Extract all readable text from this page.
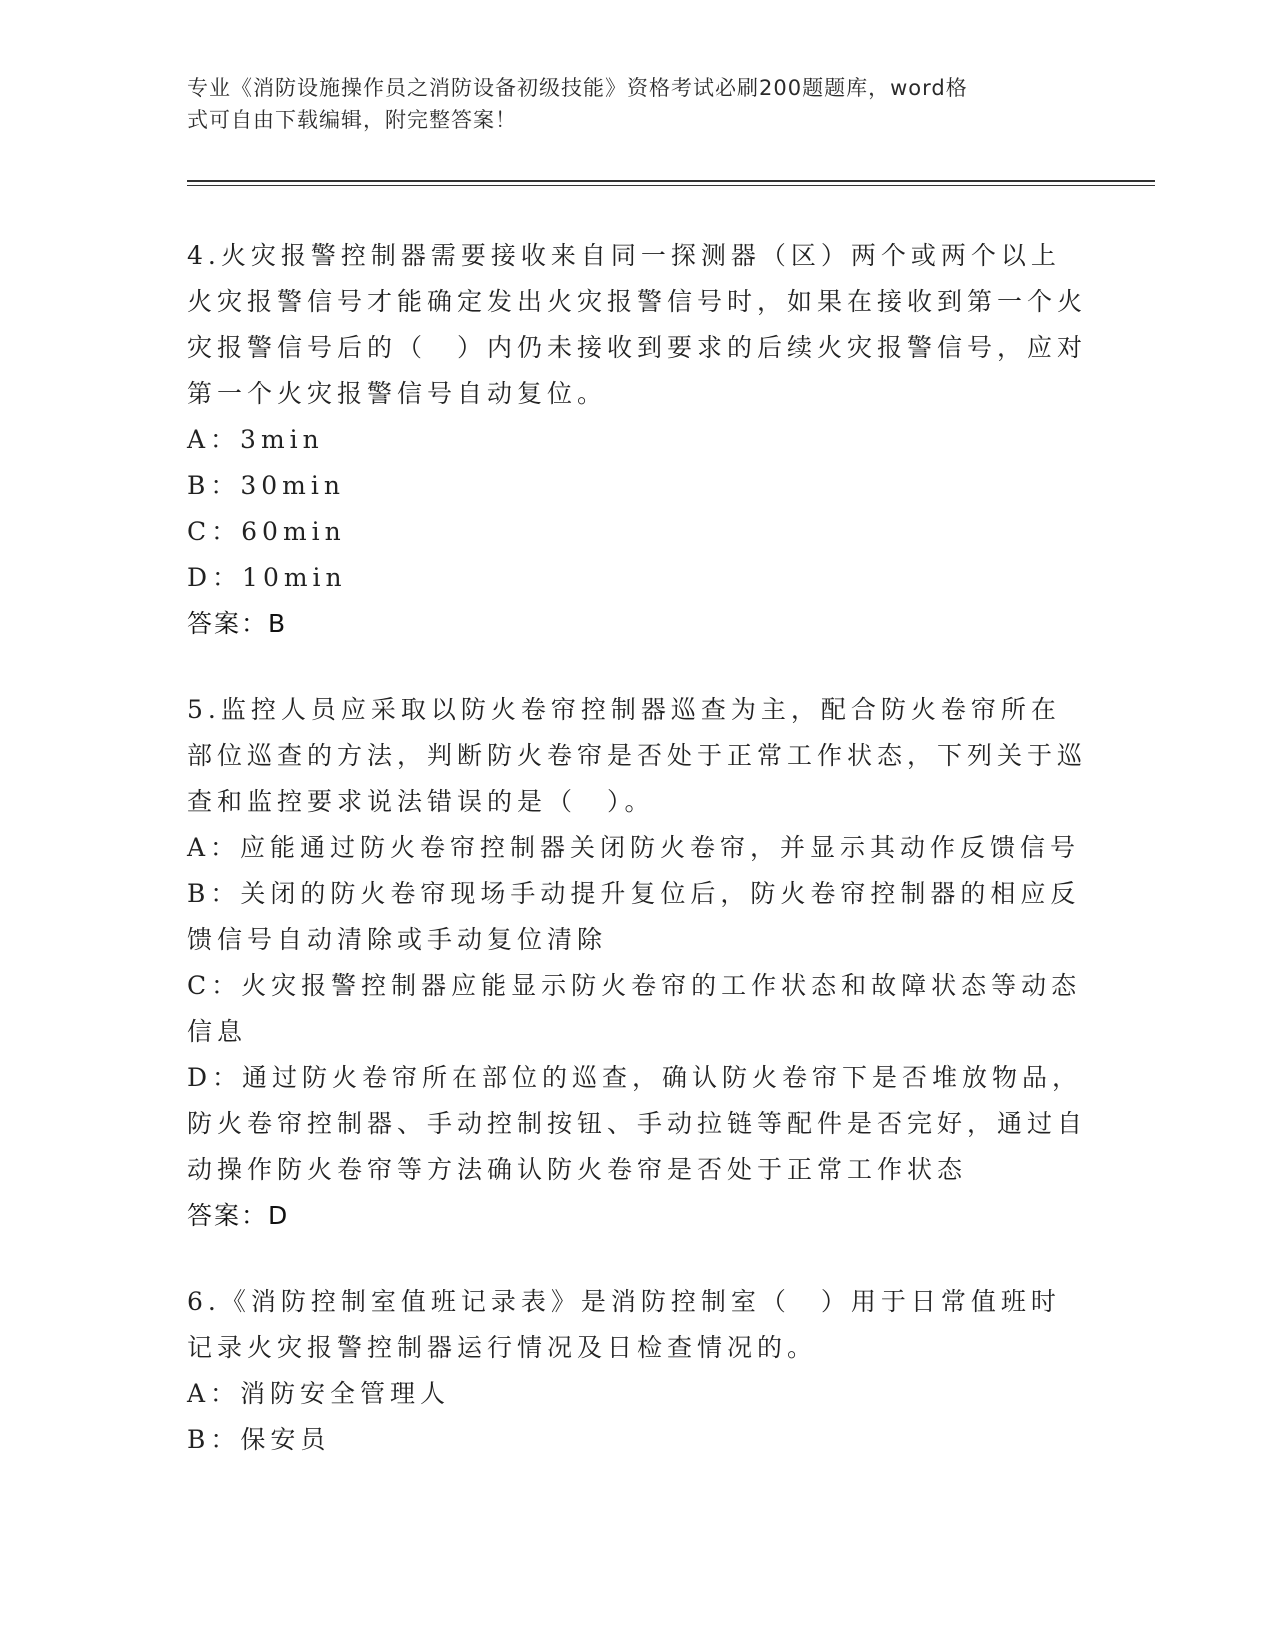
专业《消防设施操作员之消防设备初级技能》资格考试必刷200题题库，word格
式可自由下载编辑，附完整答案！

4.火灾报警控制器需要接收来自同一探测器（区）两个或两个以上火灾报警信号才能确定发出火灾报警信号时，如果在接收到第一个火灾报警信号后的（　）内仍未接收到要求的后续火灾报警信号，应对第一个火灾报警信号自动复位。

A：3min

B：30min

C：60min

D：10min

答案：B

5.监控人员应采取以防火卷帘控制器巡查为主，配合防火卷帘所在部位巡查的方法，判断防火卷帘是否处于正常工作状态，下列关于巡查和监控要求说法错误的是（　）。

A：应能通过防火卷帘控制器关闭防火卷帘，并显示其动作反馈信号

B：关闭的防火卷帘现场手动提升复位后，防火卷帘控制器的相应反馈信号自动清除或手动复位清除

C：火灾报警控制器应能显示防火卷帘的工作状态和故障状态等动态信息

D：通过防火卷帘所在部位的巡查，确认防火卷帘下是否堆放物品，防火卷帘控制器、手动控制按钮、手动拉链等配件是否完好，通过自动操作防火卷帘等方法确认防火卷帘是否处于正常工作状态

答案：D

6.《消防控制室值班记录表》是消防控制室（　）用于日常值班时记录火灾报警控制器运行情况及日检查情况的。

A：消防安全管理人

B：保安员
